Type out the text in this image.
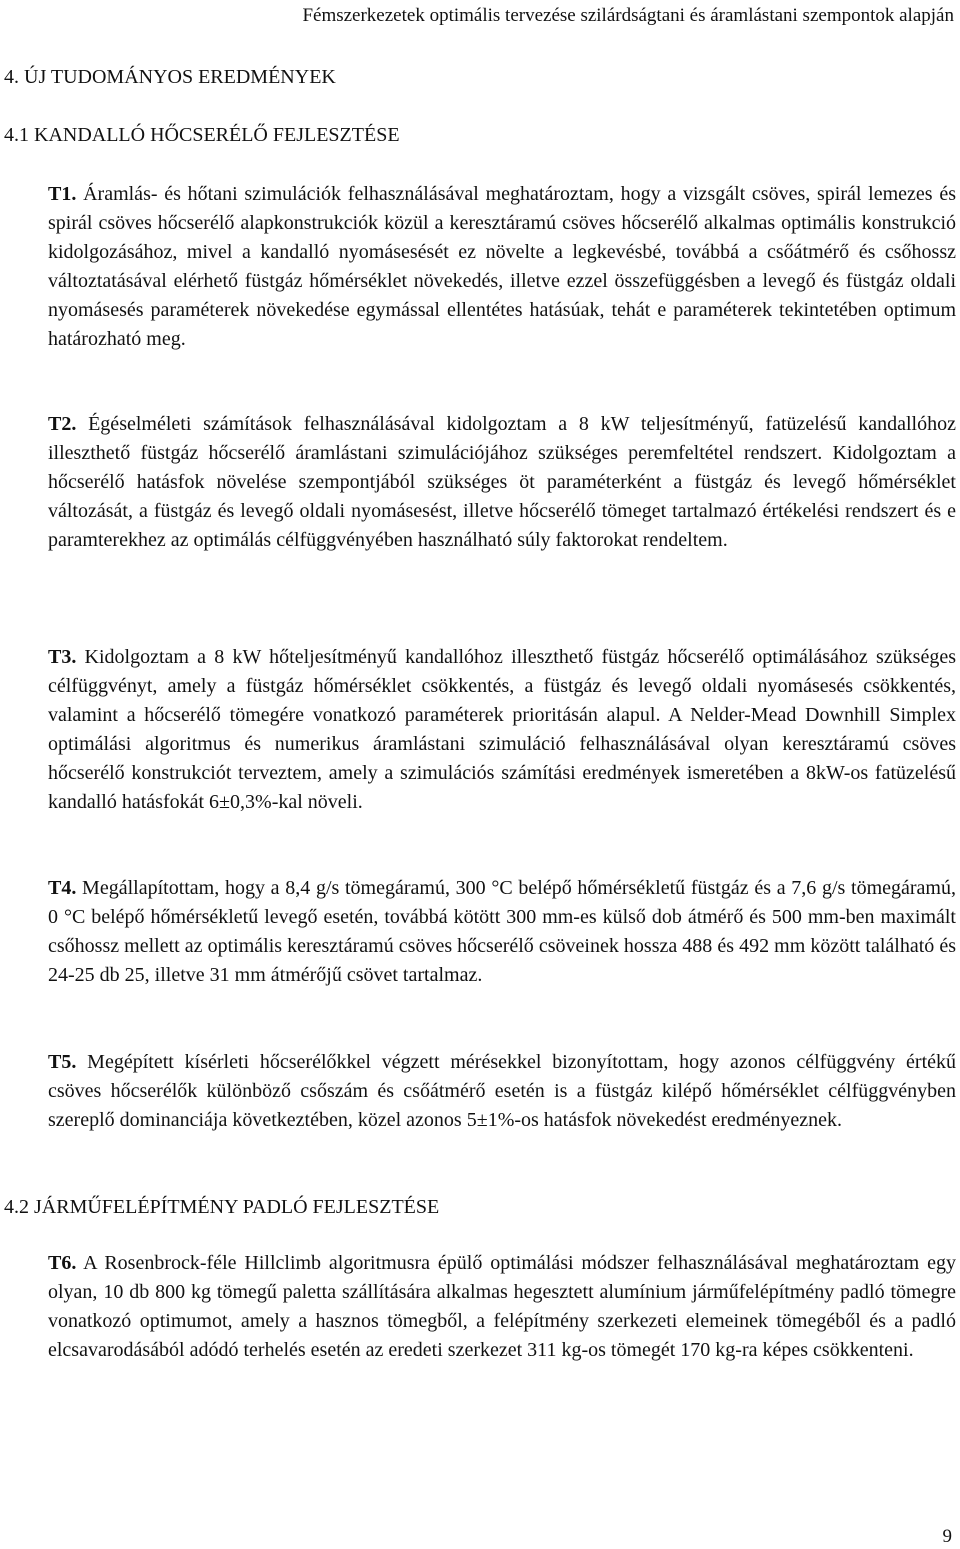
Fémszerkezetek optimális tervezése szilárdságtani és áramlástani szempontok alapján
4. ÚJ TUDOMÁNYOS EREDMÉNYEK
4.1 KANDALLÓ HŐCSERÉLŐ FEJLESZTÉSE

T1. Áramlás- és hőtani szimulációk felhasználásával meghatároztam, hogy a vizsgált csöves, spirál lemezes és spirál csöves hőcserélő alapkonstrukciók közül a keresztáramú csöves hőcserélő alkalmas optimális konstrukció kidolgozásához, mivel a kandalló nyomásesését ez növelte a legkevésbé, továbbá a csőátmérő és csőhossz változtatásával elérhető füstgáz hőmérséklet növekedés, illetve ezzel összefüggésben a levegő és füstgáz oldali nyomásesés paraméterek növekedése egymással ellentétes hatásúak, tehát e paraméterek tekintetében optimum határozható meg.

T2. Égéselméleti számítások felhasználásával kidolgoztam a 8 kW teljesítményű, fatüzelésű kandallóhoz illeszthető füstgáz hőcserélő áramlástani szimulációjához szükséges peremfeltétel rendszert. Kidolgoztam a hőcserélő hatásfok növelése szempontjából szükséges öt paraméterként a füstgáz és levegő hőmérséklet változását, a füstgáz és levegő oldali nyomásesést, illetve hőcserélő tömeget tartalmazó értékelési rendszert és e paramterekhez az optimálás célfüggvényében használható súly faktorokat rendeltem.

T3. Kidolgoztam a 8 kW hőteljesítményű kandallóhoz illeszthető füstgáz hőcserélő optimálásához szükséges célfüggvényt, amely a füstgáz hőmérséklet csökkentés, a füstgáz és levegő oldali nyomásesés csökkentés, valamint a hőcserélő tömegére vonatkozó paraméterek prioritásán alapul. A Nelder-Mead Downhill Simplex optimálási algoritmus és numerikus áramlástani szimuláció felhasználásával olyan keresztáramú csöves hőcserélő konstrukciót terveztem, amely a szimulációs számítási eredmények ismeretében a 8kW-os fatüzelésű kandalló hatásfokát 6±0,3%-kal növeli.

T4. Megállapítottam, hogy a 8,4 g/s tömegáramú, 300 °C belépő hőmérsékletű füstgáz és a 7,6 g/s tömegáramú, 0 °C belépő hőmérsékletű levegő esetén, továbbá kötött 300 mm-es külső dob átmérő és 500 mm-ben maximált csőhossz mellett az optimális keresztáramú csöves hőcserélő csöveinek hossza 488 és 492 mm között található és 24-25 db 25, illetve 31 mm átmérőjű csövet tartalmaz.

T5. Megépített kísérleti hőcserélőkkel végzett mérésekkel bizonyítottam, hogy azonos célfüggvény értékű csöves hőcserélők különböző csőszám és csőátmérő esetén is a füstgáz kilépő hőmérséklet célfüggvényben szereplő dominanciája következtében, közel azonos 5±1%-os hatásfok növekedést eredményeznek.

4.2 JÁRMŰFELÉPÍTMÉNY PADLÓ FEJLESZTÉSE

T6. A Rosenbrock-féle Hillclimb algoritmusra épülő optimálási módszer felhasználásával meghatároztam egy olyan, 10 db 800 kg tömegű paletta szállítására alkalmas hegesztett alumínium járműfelépítmény padló tömegre vonatkozó optimumot, amely a hasznos tömegből, a felépítmény szerkezeti elemeinek tömegéből és a padló elcsavarodásából adódó terhelés esetén az eredeti szerkezet 311 kg-os tömegét 170 kg-ra képes csökkenteni.

9
